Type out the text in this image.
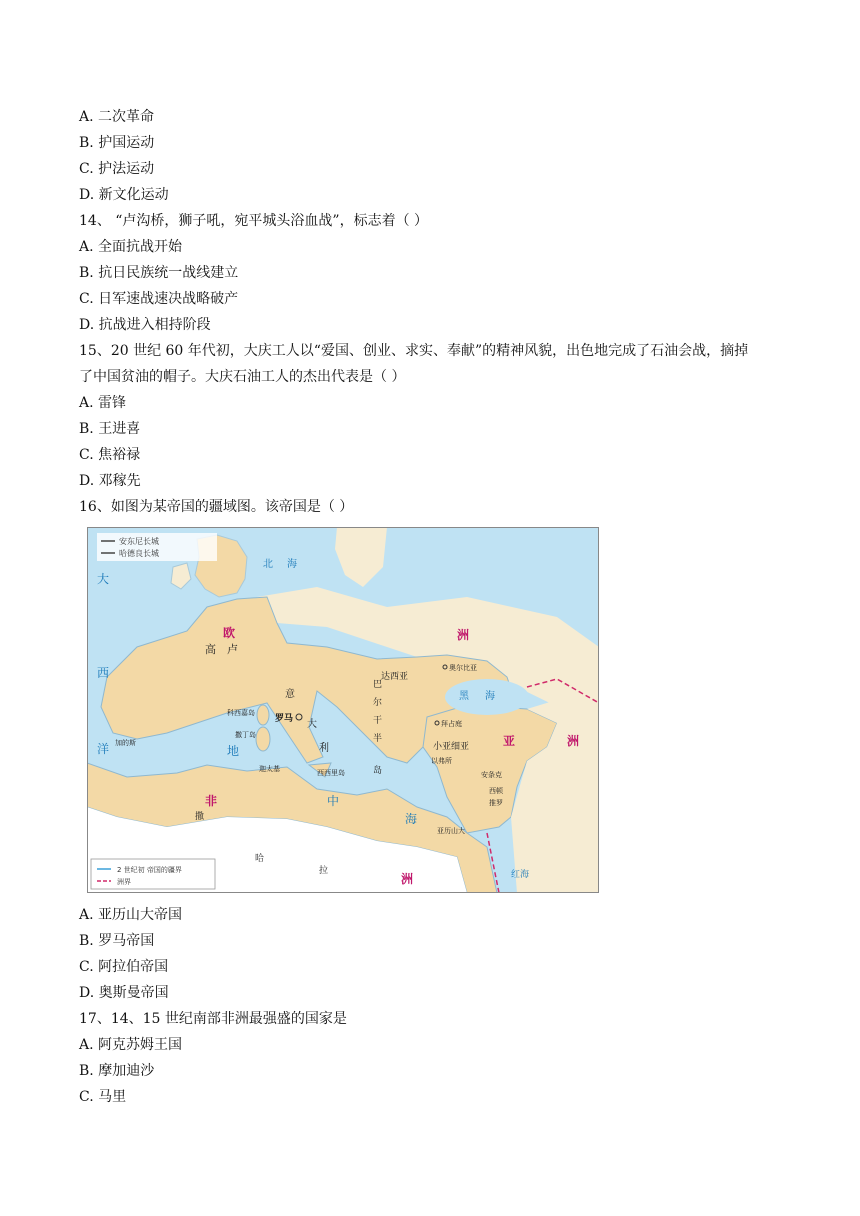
A. 二次革命
B. 护国运动
C. 护法运动
D. 新文化运动
14、 “卢沟桥，狮子吼，宛平城头浴血战”，标志着（ ）
A. 全面抗战开始
B. 抗日民族统一战线建立
C. 日军速战速决战略破产
D. 抗战进入相持阶段
15、20 世纪 60 年代初，大庆工人以“爱国、创业、求实、奉献”的精神风貌，出色地完成了石油会战，摘掉
了中国贫油的帽子。大庆石油工人的杰出代表是（ ）
A. 雷锋
B. 王进喜
C. 焦裕禄
D. 邓稼先
16、如图为某帝国的疆域图。该帝国是（ ）
安东尼长城
哈德良长城
2 世纪初 帝国的疆界
洲界
欧	洲
亚	洲
非
洲
大
西
洋	地
中
海
北 海
黑 海
红海
高 卢
意
大
利
巴
尔
干
半
岛
达西亚
小亚细亚
撒
哈
拉
罗马
科西嘉岛
撒丁岛
西西里岛
迦太基
加的斯
拜占庭
以弗所
安条克
西顿
推罗
亚历山大
奥尔比亚
A. 亚历山大帝国
B. 罗马帝国
C. 阿拉伯帝国
D. 奥斯曼帝国
17、14、15 世纪南部非洲最强盛的国家是
A. 阿克苏姆王国
B. 摩加迪沙
C. 马里
